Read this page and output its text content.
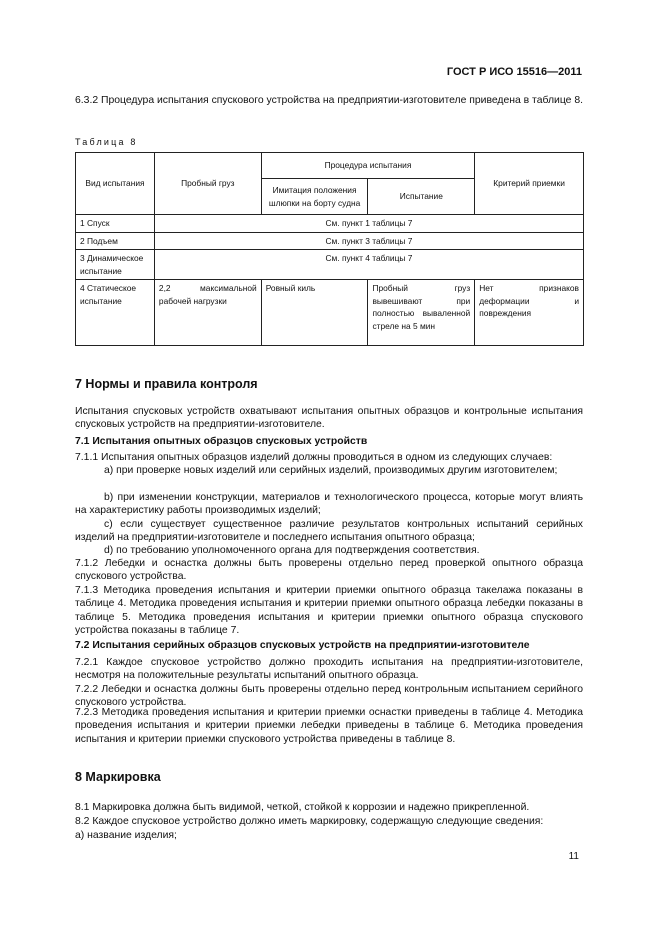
ГОСТ Р ИСО 15516—2011
6.3.2 Процедура испытания спускового устройства на предприятии-изготовителе приведена в таблице 8.
Таблица 8
Вид испытания	Пробный груз	Процедура испытания		Критерий приемки
		Имитация положения шлюпки на борту судна	Испытание	
1 Спуск	См. пункт 1 таблицы 7			
2 Подъем	См. пункт 3 таблицы 7			
3 Динамическое испытание	См. пункт 4 таблицы 7			
4 Статическое испытание	2,2 максимальной рабочей нагрузки	Ровный киль	Пробный груз вывешивают при полностью вываленной стреле на 5 мин	Нет признаков деформации и повреждения
7 Нормы и правила контроля
Испытания спусковых устройств охватывают испытания опытных образцов и контрольные испытания спусковых устройств на предприятии-изготовителе.
7.1 Испытания опытных образцов спусковых устройств
7.1.1 Испытания опытных образцов изделий должны проводиться в одном из следующих случаев:
а) при проверке новых изделий или серийных изделий, производимых другим изготовителем;
b) при изменении конструкции, материалов и технологического процесса, которые могут влиять на характеристику работы производимых изделий;
c) если существует существенное различие результатов контрольных испытаний серийных изделий на предприятии-изготовителе и последнего испытания опытного образца;
d) по требованию уполномоченного органа для подтверждения соответствия.
7.1.2 Лебедки и оснастка должны быть проверены отдельно перед проверкой опытного образца спускового устройства.
7.1.3 Методика проведения испытания и критерии приемки опытного образца такелажа показаны в таблице 4. Методика проведения испытания и критерии приемки опытного образца лебедки показаны в таблице 5. Методика проведения испытания и критерии приемки опытного образца спускового устройства показаны в таблице 7.
7.2 Испытания серийных образцов спусковых устройств на предприятии-изготовителе
7.2.1 Каждое спусковое устройство должно проходить испытания на предприятии-изготовителе, несмотря на положительные результаты испытаний опытного образца.
7.2.2 Лебедки и оснастка должны быть проверены отдельно перед контрольным испытанием серийного спускового устройства.
7.2.3 Методика проведения испытания и критерии приемки оснастки приведены в таблице 4. Методика проведения испытания и критерии приемки лебедки приведены в таблице 6. Методика проведения испытания и критерии приемки спускового устройства приведены в таблице 8.
8 Маркировка
8.1 Маркировка должна быть видимой, четкой, стойкой к коррозии и надежно прикрепленной.
8.2 Каждое спусковое устройство должно иметь маркировку, содержащую следующие сведения:
а) название изделия;
11
